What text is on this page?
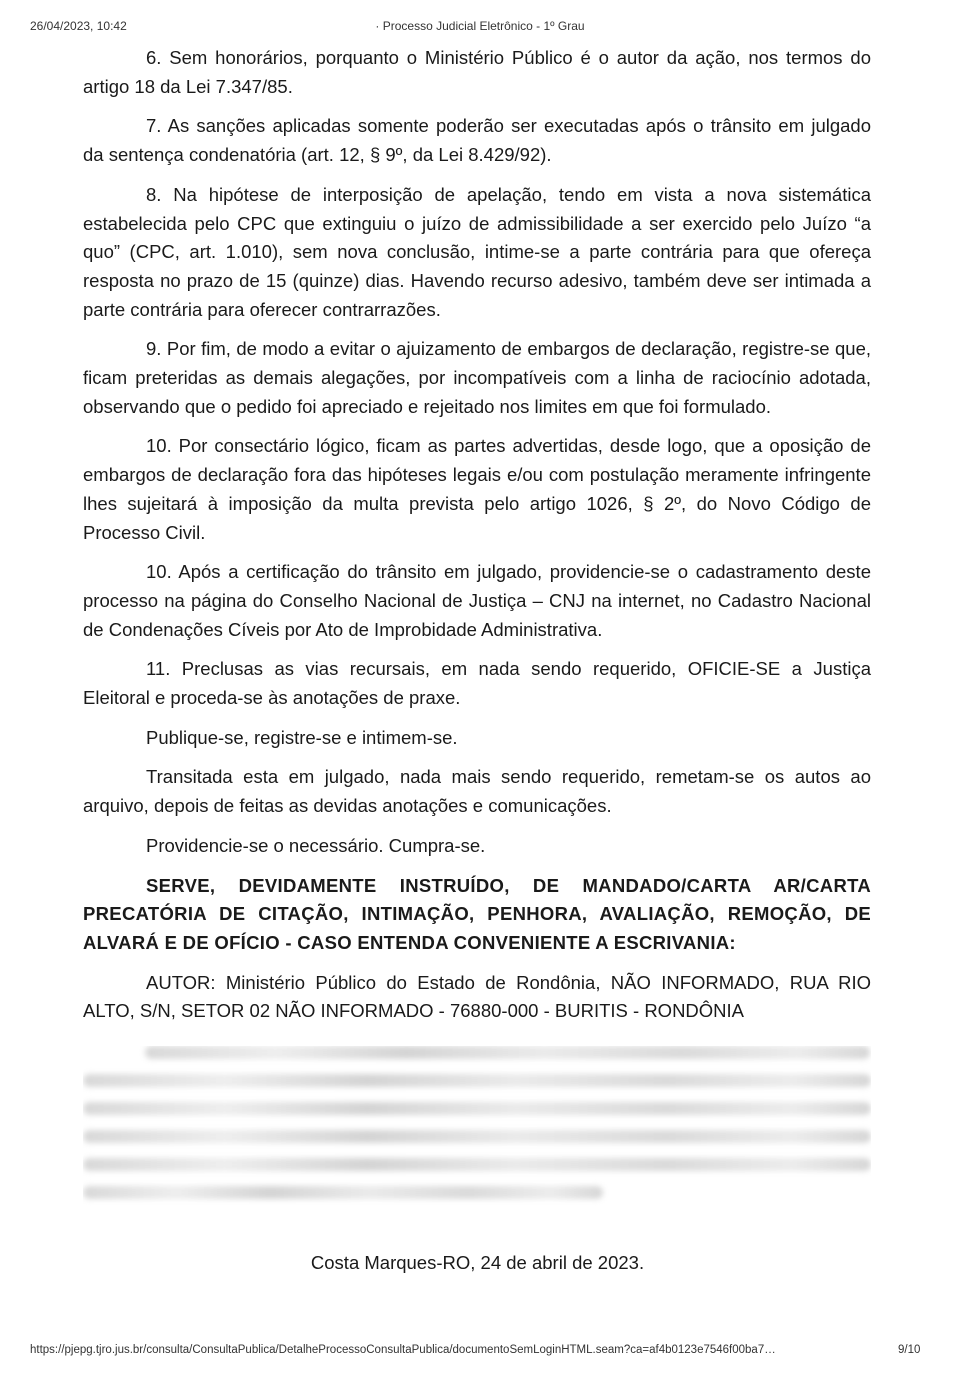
26/04/2023, 10:42	· Processo Judicial Eletrônico - 1º Grau

6. Sem honorários, porquanto o Ministério Público é o autor da ação, nos termos do artigo 18 da Lei 7.347/85.

7. As sanções aplicadas somente poderão ser executadas após o trânsito em julgado da sentença condenatória (art. 12, § 9º, da Lei 8.429/92).

8. Na hipótese de interposição de apelação, tendo em vista a nova sistemática estabelecida pelo CPC que extinguiu o juízo de admissibilidade a ser exercido pelo Juízo “a quo” (CPC, art. 1.010), sem nova conclusão, intime-se a parte contrária para que ofereça resposta no prazo de 15 (quinze) dias. Havendo recurso adesivo, também deve ser intimada a parte contrária para oferecer contrarrazões.

9. Por fim, de modo a evitar o ajuizamento de embargos de declaração, registre-se que, ficam preteridas as demais alegações, por incompatíveis com a linha de raciocínio adotada, observando que o pedido foi apreciado e rejeitado nos limites em que foi formulado.

10. Por consectário lógico, ficam as partes advertidas, desde logo, que a oposição de embargos de declaração fora das hipóteses legais e/ou com postulação meramente infringente lhes sujeitará à imposição da multa prevista pelo artigo 1026, § 2º, do Novo Código de Processo Civil.

10. Após a certificação do trânsito em julgado, providencie-se o cadastramento deste processo na página do Conselho Nacional de Justiça – CNJ na internet, no Cadastro Nacional de Condenações Cíveis por Ato de Improbidade Administrativa.

11. Preclusas as vias recursais, em nada sendo requerido, OFICIE-SE a Justiça Eleitoral e proceda-se às anotações de praxe.

Publique-se, registre-se e intimem-se.

Transitada esta em julgado, nada mais sendo requerido, remetam-se os autos ao arquivo, depois de feitas as devidas anotações e comunicações.

Providencie-se o necessário. Cumpra-se.

SERVE, DEVIDAMENTE INSTRUÍDO, DE MANDADO/CARTA AR/CARTA PRECATÓRIA DE CITAÇÃO, INTIMAÇÃO, PENHORA, AVALIAÇÃO, REMOÇÃO, DE ALVARÁ E DE OFÍCIO - CASO ENTENDA CONVENIENTE A ESCRIVANIA:

AUTOR: Ministério Público do Estado de Rondônia, NÃO INFORMADO, RUA RIO ALTO, S/N, SETOR 02 NÃO INFORMADO - 76880-000 - BURITIS - RONDÔNIA

Costa Marques-RO, 24 de abril de 2023.
https://pjepg.tjro.jus.br/consulta/ConsultaPublica/DetalheProcessoConsultaPublica/documentoSemLoginHTML.seam?ca=af4b0123e7546f00ba7…	9/10
